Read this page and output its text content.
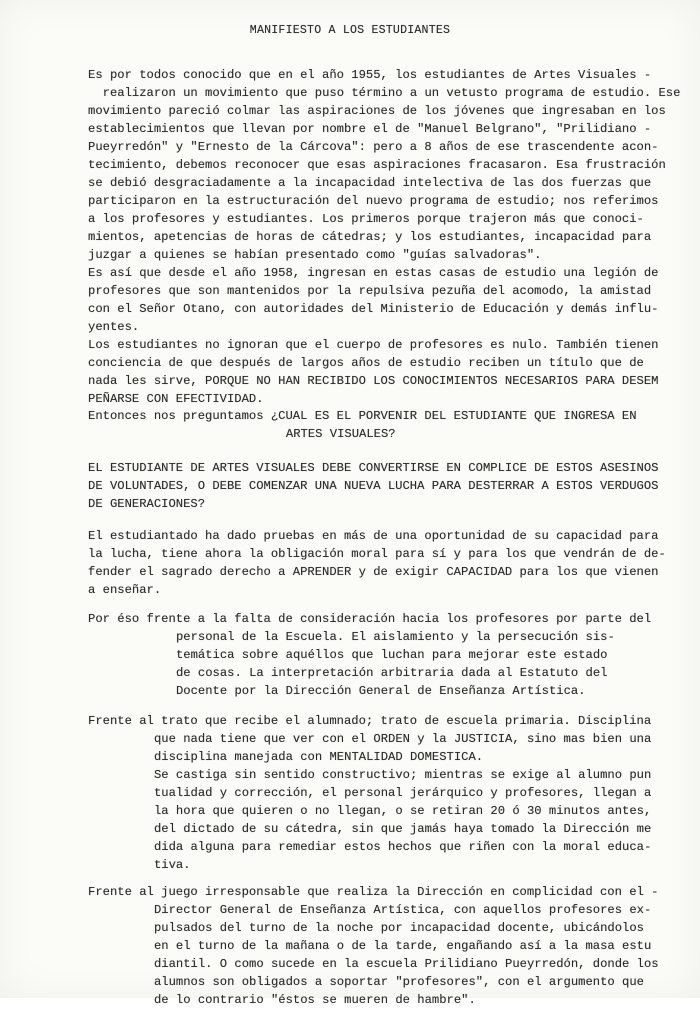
MANIFIESTO A LOS ESTUDIANTES
Es por todos conocido que en el año 1955, los estudiantes de Artes Visuales -
realizaron un movimiento que puso término a un vetusto programa de estudio. Ese
movimiento pareció colmar las aspiraciones de los jóvenes que ingresaban en los
establecimientos que llevan por nombre el de "Manuel Belgrano", "Prilidiano -
Pueyrredón" y "Ernesto de la Cárcova": pero a 8 años de ese trascendente acon-
tecimiento, debemos reconocer que esas aspiraciones fracasaron. Esa frustración
se debió desgraciadamente a la incapacidad intelectiva de las dos fuerzas que
participaron en la estructuración del nuevo programa de estudio; nos referimos
a los profesores y estudiantes. Los primeros porque trajeron más que conoci-
mientos, apetencias de horas de cátedras; y los estudiantes, incapacidad para
juzgar a quienes se habían presentado como "guías salvadoras".
Es así que desde el año 1958, ingresan en estas casas de estudio una legión de
profesores que son mantenidos por la repulsiva pezuña del acomodo, la amistad
con el Señor Otano, con autoridades del Ministerio de Educación y demás influ-
yentes.
Los estudiantes no ignoran que el cuerpo de profesores es nulo. También tienen
conciencia de que después de largos años de estudio reciben un título que de
nada les sirve, PORQUE NO HAN RECIBIDO LOS CONOCIMIENTOS NECESARIOS PARA DESEM
PEÑARSE CON EFECTIVIDAD.
Entonces nos preguntamos ¿CUAL ES EL PORVENIR DEL ESTUDIANTE QUE INGRESA EN
ARTES VISUALES?
EL ESTUDIANTE DE ARTES VISUALES DEBE CONVERTIRSE EN COMPLICE DE ESTOS ASESINOS
DE VOLUNTADES, O DEBE COMENZAR UNA NUEVA LUCHA PARA DESTERRAR A ESTOS VERDUGOS
DE GENERACIONES?
El estudiantado ha dado pruebas en más de una oportunidad de su capacidad para
la lucha, tiene ahora la obligación moral para sí y para los que vendrán de de-
fender el sagrado derecho a APRENDER y de exigir CAPACIDAD para los que vienen
a enseñar.
Por éso frente a la falta de consideración hacia los profesores por parte del
personal de la Escuela. El aislamiento y la persecución sis-
temática sobre aquéllos que luchan para mejorar este estado
de cosas. La interpretación arbitraria dada al Estatuto del
Docente por la Dirección General de Enseñanza Artística.
Frente al trato que recibe el alumnado; trato de escuela primaria. Disciplina
que nada tiene que ver con el ORDEN y la JUSTICIA, sino mas bien una
disciplina manejada con MENTALIDAD DOMESTICA.
Se castiga sin sentido constructivo; mientras se exige al alumno pun
tualidad y corrección, el personal jerárquico y profesores, llegan a
la hora que quieren o no llegan, o se retiran 20 ó 30 minutos antes,
del dictado de su cátedra, sin que jamás haya tomado la Dirección me
dida alguna para remediar estos hechos que riñen con la moral educa-
tiva.
Frente al juego irresponsable que realiza la Dirección en complicidad con el -
Director General de Enseñanza Artística, con aquellos profesores ex-
pulsados del turno de la noche por incapacidad docente, ubicándolos
en el turno de la mañana o de la tarde, engañando así a la masa estu
diantil. O como sucede en la escuela Prilidiano Pueyrredón, donde los
alumnos son obligados a soportar "profesores", con el argumento que
de lo contrario "éstos se mueren de hambre".
